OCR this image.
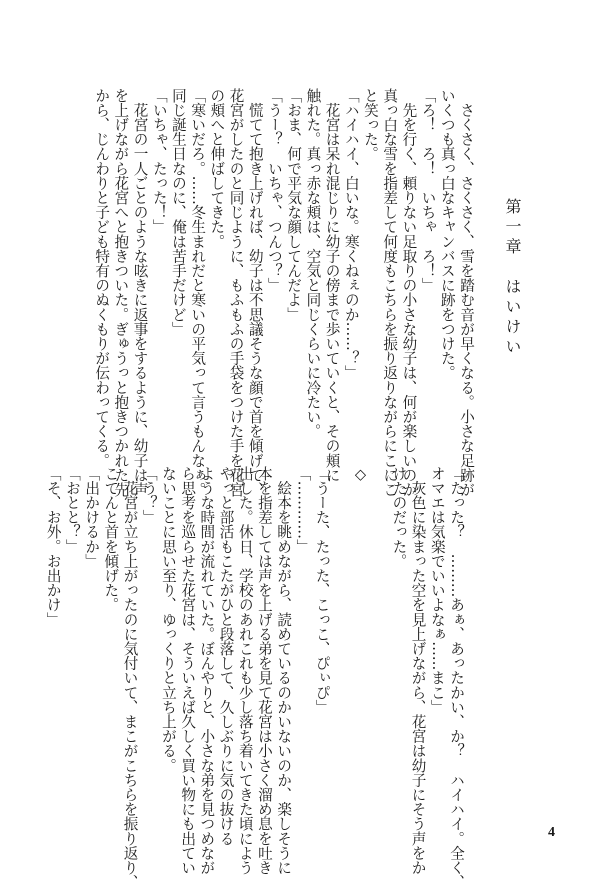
第一章　はいけい
　さくさく、さくさく、雪を踏む音が早くなる。小さな足跡が
いくつも真っ白なキャンバスに跡をつけた。
「ろ！　ろ！　いちゃ　ろ！」
　先を行く、頼りない足取りの小さな幼子は、何が楽しいのか
真っ白な雪を指差して何度もこちらを振り返りながらにこにこ
と笑った。
「ハイハイ、白いな。寒くねぇのか……？」
　花宮は呆れ混じりに幼子の傍まで歩いていくと、その頬に
触れた。真っ赤な頬は、空気と同じくらいに冷たい。
「おま、何で平気な顔してんだよ」
「うー？　いちゃ、つんつ？」
　慌てて抱き上げれば、幼子は不思議そうな顔で首を傾げて、
花宮がしたのと同じように、もふもふの手袋をつけた手を花宮
の頬へと伸ばしてきた。
「寒いだろ。……冬生まれだと寒いの平気って言うもんなぁ。
同じ誕生日なのに、俺は苦手だけど」
「いちゃ、たった！」
　花宮の一人ごとのような呟きに返事をするように、幼子は声
を上げながら花宮へと抱きついた。ぎゅうっと抱きつかれた先
から、じんわりと子ども特有のぬくもりが伝わってくる。
「たった？　………あぁ、あったかい、か？　ハイハイ。全く、
オマエは気楽でいいよなぁ……まこ」
　灰色に染まった空を見上げながら、花宮は幼子にそう声をか
けたのだった。

◇

「うーた、たった、こっこ、ぴぃぴ」
「…………」
　絵本を眺めながら、読めているのかいないのか、楽しそうに
本を指差しては声を上げる弟を見て花宮は小さく溜め息を吐き
出した。休日、学校のあれこれも少し落ち着いてきた頃によう
やっと部活もこたがひと段落して、久しぶりに気の抜ける
ような時間が流れていた。ぼんやりと、小さな弟を見つめなが
ら思考を巡らせた花宮は、そういえば久しく買い物にも出てい
ないことに思い至り、ゆっくりと立ち上がる。
「う？」
　花宮が立ち上がったのに気付いて、まこがこちらを振り返り、
こてんと首を傾げた。
「出かけるか」
「おとと？」
「そ、お外。お出かけ」
4
